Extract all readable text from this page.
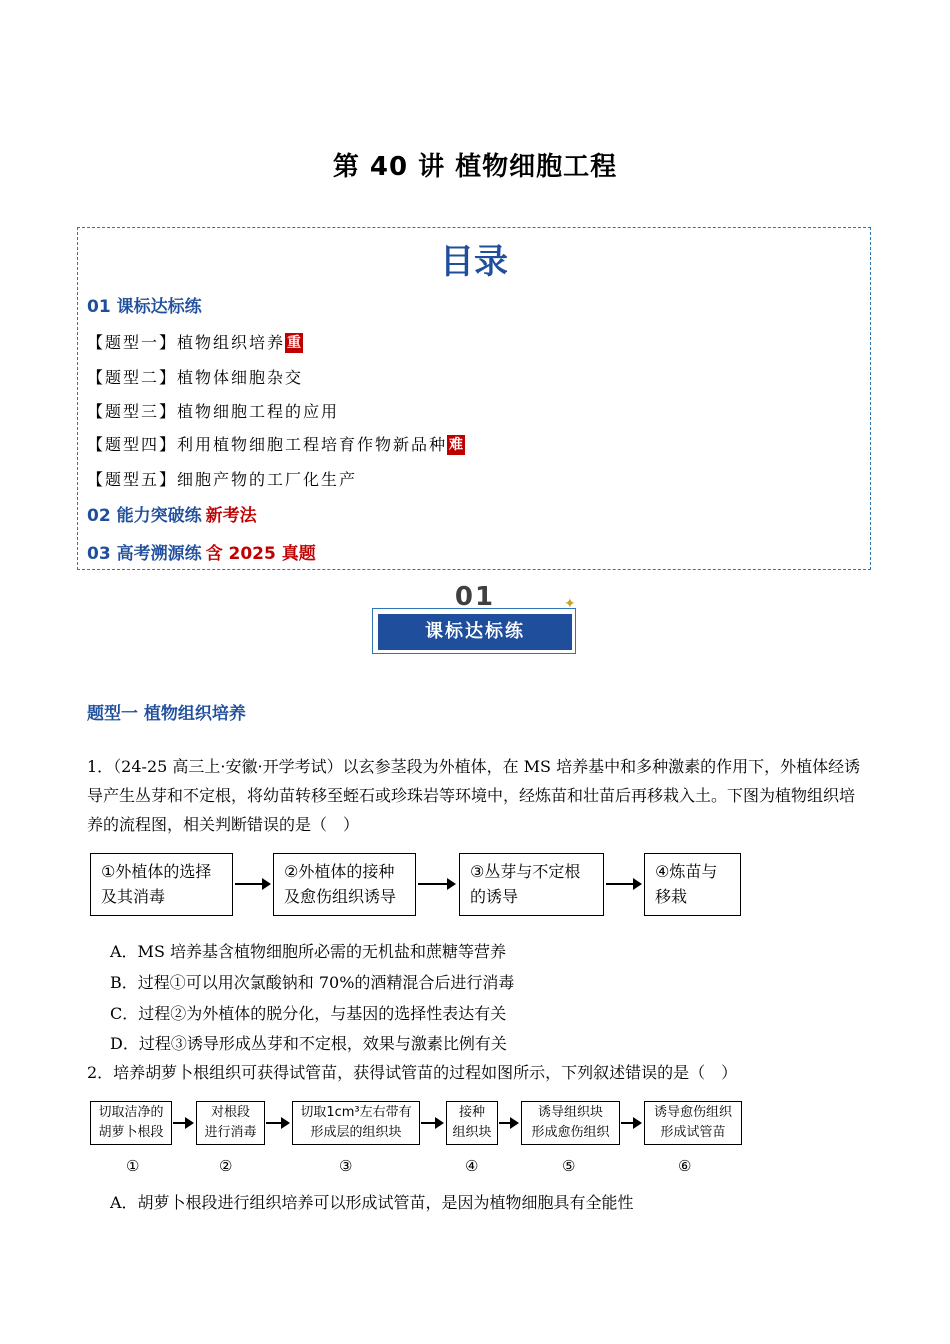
第 40 讲 植物细胞工程
目录
01 课标达标练
【题型一】植物组织培养 重
【题型二】植物体细胞杂交
【题型三】植物细胞工程的应用
【题型四】利用植物细胞工程培育作物新品种 难
【题型五】细胞产物的工厂化生产
02 能力突破练 新考法
03 高考溯源练 含 2025 真题
01
课标达标练
✦
题型一 植物组织培养
1．（24-25 高三上·安徽·开学考试）以玄参茎段为外植体，在 MS 培养基中和多种激素的作用下，外植体经诱导产生丛芽和不定根，将幼苗转移至蛭石或珍珠岩等环境中，经炼苗和壮苗后再移栽入土。下图为植物组织培养的流程图，相关判断错误的是（　）
①外植体的选择
及其消毒
②外植体的接种
及愈伤组织诱导
③丛芽与不定根
的诱导
④炼苗与
移栽
A．MS 培养基含植物细胞所必需的无机盐和蔗糖等营养
B．过程①可以用次氯酸钠和 70%的酒精混合后进行消毒
C．过程②为外植体的脱分化，与基因的选择性表达有关
D．过程③诱导形成丛芽和不定根，效果与激素比例有关
2．培养胡萝卜根组织可获得试管苗，获得试管苗的过程如图所示，下列叙述错误的是（　）
切取洁净的
胡萝卜根段
对根段
进行消毒
切取1cm³左右带有
形成层的组织块
接种
组织块
诱导组织块
形成愈伤组织
诱导愈伤组织
形成试管苗
①	②	③	④	⑤	⑥
A．胡萝卜根段进行组织培养可以形成试管苗，是因为植物细胞具有全能性
